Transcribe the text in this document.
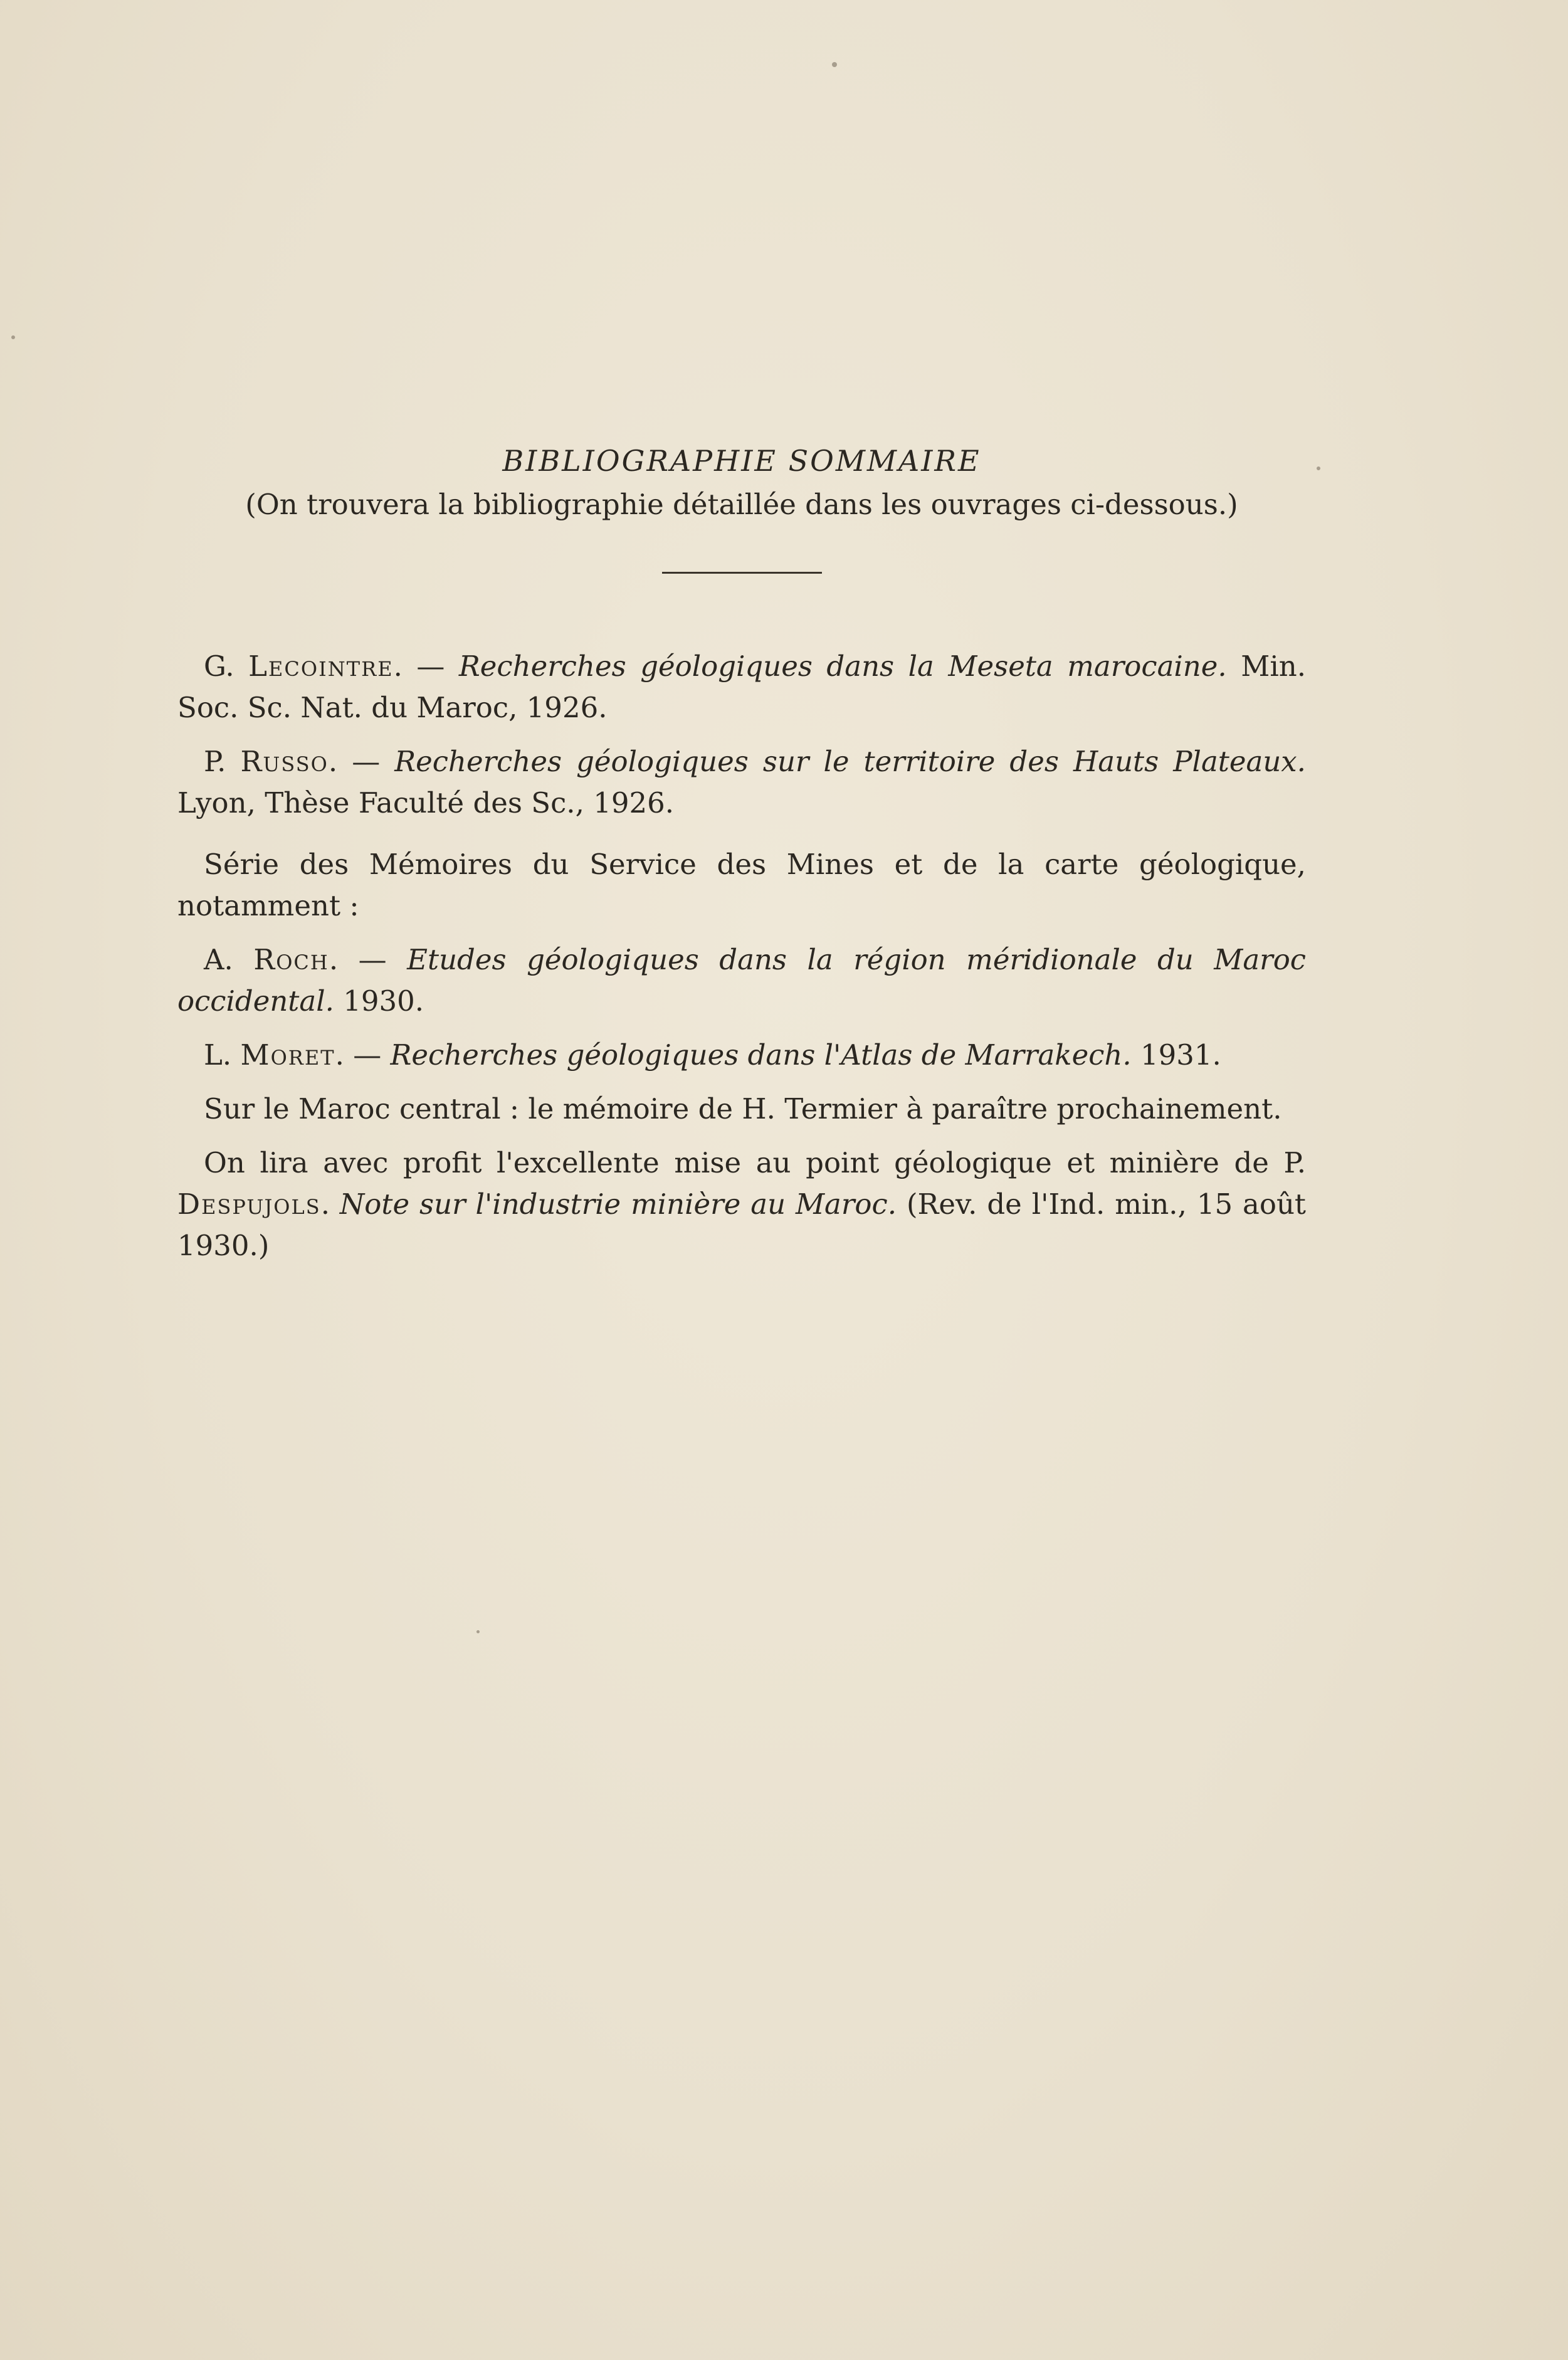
BIBLIOGRAPHIE SOMMAIRE

(On trouvera la bibliographie détaillée dans les ouvrages ci-dessous.)

G. Lecointre. — Recherches géologiques dans la Meseta marocaine. Min. Soc. Sc. Nat. du Maroc, 1926.

P. Russo. — Recherches géologiques sur le territoire des Hauts Plateaux. Lyon, Thèse Faculté des Sc., 1926.

Série des Mémoires du Service des Mines et de la carte géologique, notamment :

A. Roch. — Etudes géologiques dans la région méridionale du Maroc occidental. 1930.

L. Moret. — Recherches géologiques dans l'Atlas de Marrakech. 1931.

Sur le Maroc central : le mémoire de H. Termier à paraître prochainement.

On lira avec profit l'excellente mise au point géologique et minière de P. Despujols. Note sur l'industrie minière au Maroc. (Rev. de l'Ind. min., 15 août 1930.)
